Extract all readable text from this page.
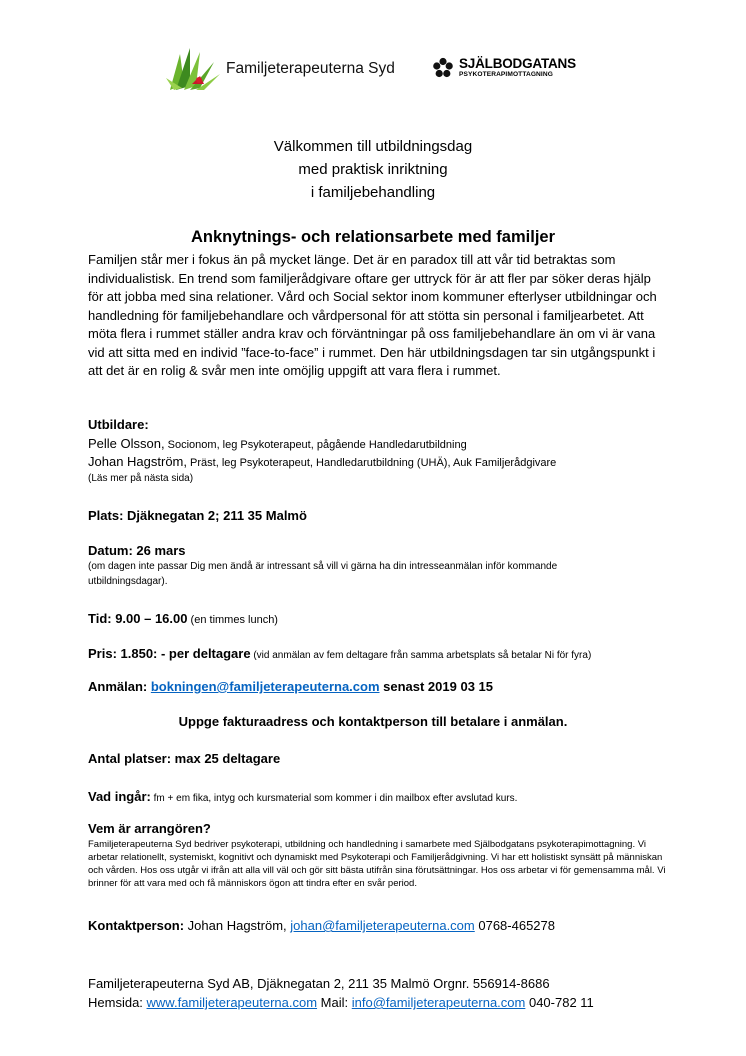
Familjeterapeuterna Syd	SJÄLBODGATANS
PSYKOTERAPIMOTTAGNING
Välkommen till utbildningsdag
med praktisk inriktning
i familjebehandling
Anknytnings- och relationsarbete med familjer
Familjen står mer i fokus än på mycket länge. Det är en paradox till att vår tid betraktas som individualistisk. En trend som familjerådgivare oftare ger uttryck för är att fler par söker deras hjälp för att jobba med sina relationer. Vård och Social sektor inom kommuner efterlyser utbildningar och handledning för familjebehandlare och vårdpersonal för att stötta sin personal i familjearbetet. Att möta flera i rummet ställer andra krav och förväntningar på oss familjebehandlare än om vi är vana vid att sitta med en individ ”face-to-face” i rummet. Den här utbildningsdagen tar sin utgångspunkt i att det är en rolig & svår men inte omöjlig uppgift att vara flera i rummet.
Utbildare:
Pelle Olsson, Socionom, leg Psykoterapeut, pågående Handledarutbildning
Johan Hagström, Präst, leg Psykoterapeut, Handledarutbildning (UHÄ), Auk Familjerådgivare
(Läs mer på nästa sida)
Plats: Djäknegatan 2; 211 35 Malmö
Datum: 26 mars
(om dagen inte passar Dig men ändå är intressant så vill vi gärna ha din intresseanmälan inför kommande
utbildningsdagar).
Tid: 9.00 – 16.00 (en timmes lunch)
Pris: 1.850: - per deltagare (vid anmälan av fem deltagare från samma arbetsplats så betalar Ni för fyra)
Anmälan: bokningen@familjeterapeuterna.com senast 2019 03 15
Uppge fakturaadress och kontaktperson till betalare i anmälan.
Antal platser: max 25 deltagare
Vad ingår: fm + em fika, intyg och kursmaterial som kommer i din mailbox efter avslutad kurs.
Vem är arrangören?
Familjeterapeuterna Syd bedriver psykoterapi, utbildning och handledning i samarbete med Själbodgatans psykoterapimottagning. Vi arbetar relationellt, systemiskt, kognitivt och dynamiskt med Psykoterapi och Familjerådgivning. Vi har ett holistiskt synsätt på människan och vården. Hos oss utgår vi ifrån att alla vill väl och gör sitt bästa utifrån sina förutsättningar. Hos oss arbetar vi för gemensamma mål. Vi brinner för att vara med och få människors ögon att tindra efter en svår period.
Kontaktperson: Johan Hagström, johan@familjeterapeuterna.com 0768-465278
Familjeterapeuterna Syd AB, Djäknegatan 2, 211 35 Malmö Orgnr. 556914-8686
Hemsida: www.familjeterapeuterna.com Mail: info@familjeterapeuterna.com 040-782 11
